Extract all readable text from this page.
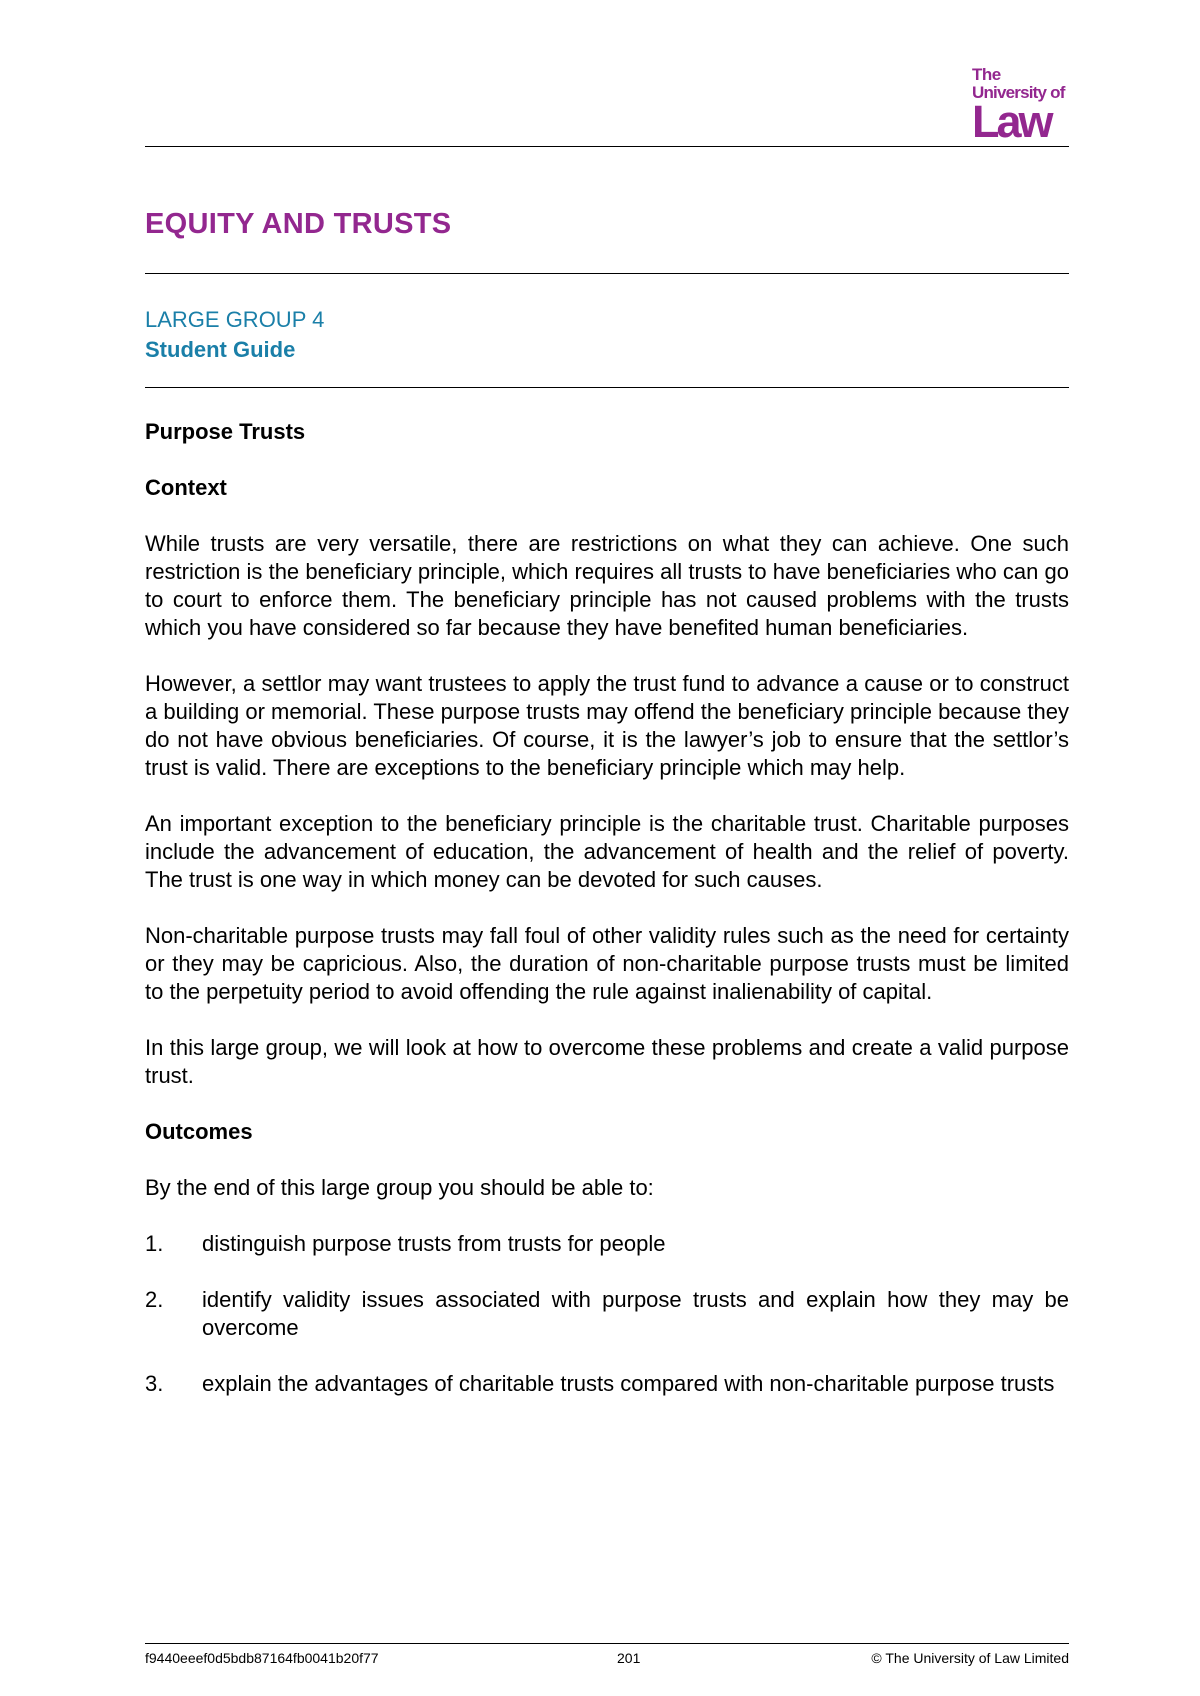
The
University of
Law
EQUITY AND TRUSTS
LARGE GROUP 4
Student Guide
Purpose Trusts
Context

While trusts are very versatile, there are restrictions on what they can achieve. One such restriction is the beneficiary principle, which requires all trusts to have beneficiaries who can go to court to enforce them. The beneficiary principle has not caused problems with the trusts which you have considered so far because they have benefited human beneficiaries.

However, a settlor may want trustees to apply the trust fund to advance a cause or to construct a building or memorial. These purpose trusts may offend the beneficiary principle because they do not have obvious beneficiaries. Of course, it is the lawyer’s job to ensure that the settlor’s trust is valid. There are exceptions to the beneficiary principle which may help.

An important exception to the beneficiary principle is the charitable trust. Charitable purposes include the advancement of education, the advancement of health and the relief of poverty. The trust is one way in which money can be devoted for such causes.

Non-charitable purpose trusts may fall foul of other validity rules such as the need for certainty or they may be capricious. Also, the duration of non-charitable purpose trusts must be limited to the perpetuity period to avoid offending the rule against inalienability of capital.

In this large group, we will look at how to overcome these problems and create a valid purpose trust.

Outcomes

By the end of this large group you should be able to:

1.	distinguish purpose trusts from trusts for people
2.	identify validity issues associated with purpose trusts and explain how they may be overcome
3.	explain the advantages of charitable trusts compared with non-charitable purpose trusts
f9440eeef0d5bdb87164fb0041b20f77	201	© The University of Law Limited
